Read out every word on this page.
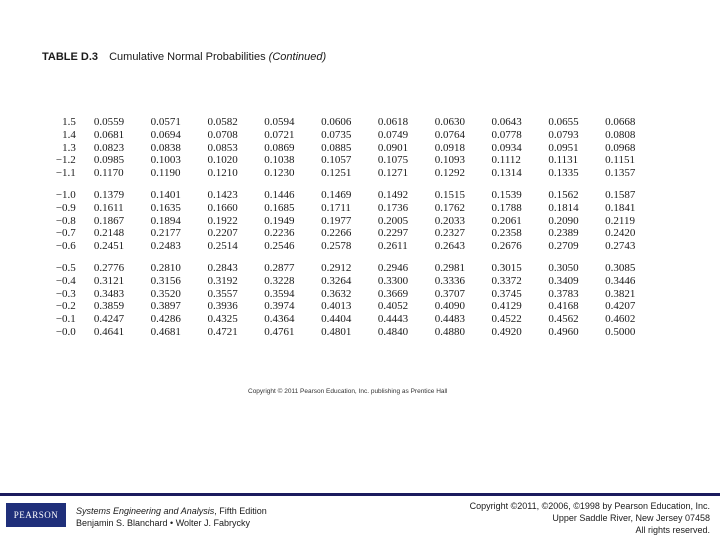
TABLE D.3 Cumulative Normal Probabilities (Continued)
1.5	0.0559	0.0571	0.0582	0.0594	0.0606	0.0618	0.0630	0.0643	0.0655	0.0668
1.4	0.0681	0.0694	0.0708	0.0721	0.0735	0.0749	0.0764	0.0778	0.0793	0.0808
1.3	0.0823	0.0838	0.0853	0.0869	0.0885	0.0901	0.0918	0.0934	0.0951	0.0968
−1.2	0.0985	0.1003	0.1020	0.1038	0.1057	0.1075	0.1093	0.1112	0.1131	0.1151
−1.1	0.1170	0.1190	0.1210	0.1230	0.1251	0.1271	0.1292	0.1314	0.1335	0.1357
−1.0	0.1379	0.1401	0.1423	0.1446	0.1469	0.1492	0.1515	0.1539	0.1562	0.1587
−0.9	0.1611	0.1635	0.1660	0.1685	0.1711	0.1736	0.1762	0.1788	0.1814	0.1841
−0.8	0.1867	0.1894	0.1922	0.1949	0.1977	0.2005	0.2033	0.2061	0.2090	0.2119
−0.7	0.2148	0.2177	0.2207	0.2236	0.2266	0.2297	0.2327	0.2358	0.2389	0.2420
−0.6	0.2451	0.2483	0.2514	0.2546	0.2578	0.2611	0.2643	0.2676	0.2709	0.2743
−0.5	0.2776	0.2810	0.2843	0.2877	0.2912	0.2946	0.2981	0.3015	0.3050	0.3085
−0.4	0.3121	0.3156	0.3192	0.3228	0.3264	0.3300	0.3336	0.3372	0.3409	0.3446
−0.3	0.3483	0.3520	0.3557	0.3594	0.3632	0.3669	0.3707	0.3745	0.3783	0.3821
−0.2	0.3859	0.3897	0.3936	0.3974	0.4013	0.4052	0.4090	0.4129	0.4168	0.4207
−0.1	0.4247	0.4286	0.4325	0.4364	0.4404	0.4443	0.4483	0.4522	0.4562	0.4602
−0.0	0.4641	0.4681	0.4721	0.4761	0.4801	0.4840	0.4880	0.4920	0.4960	0.5000
Copyright © 2011 Pearson Education, Inc. publishing as Prentice Hall
PEARSON Systems Engineering and Analysis, Fifth Edition
Benjamin S. Blanchard • Wolter J. Fabrycky
Copyright ©2011, ©2006, ©1998 by Pearson Education, Inc.
Upper Saddle River, New Jersey 07458
All rights reserved.
